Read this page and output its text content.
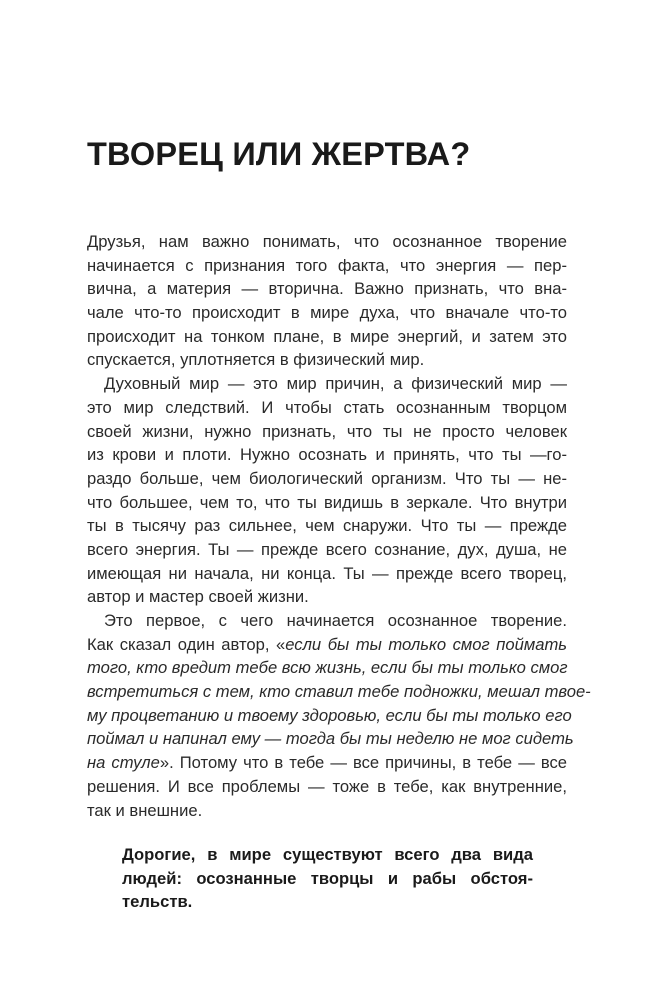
ТВОРЕЦ ИЛИ ЖЕРТВА?
Друзья, нам важно понимать, что осознанное творение
начинается с признания того факта, что энергия — пер-
вична, а материя — вторична. Важно признать, что вна-
чале что-то происходит в мире духа, что вначале что-то
происходит на тонком плане, в мире энергий, и затем это
спускается, уплотняется в физический мир.
Духовный мир — это мир причин, а физический мир —
это мир следствий. И чтобы стать осознанным творцом
своей жизни, нужно признать, что ты не просто человек
из крови и плоти. Нужно осознать и принять, что ты —го-
раздо больше, чем биологический организм. Что ты — не-
что большее, чем то, что ты видишь в зеркале. Что внутри
ты в тысячу раз сильнее, чем снаружи. Что ты — прежде
всего энергия. Ты — прежде всего сознание, дух, душа, не
имеющая ни начала, ни конца. Ты — прежде всего творец,
автор и мастер своей жизни.
Это первое, с чего начинается осознанное творение.
Как сказал один автор, «если бы ты только смог поймать
того, кто вредит тебе всю жизнь, если бы ты только смог
встретиться с тем, кто ставил тебе подножки, мешал твое-
му процветанию и твоему здоровью, если бы ты только его
поймал и напинал ему — тогда бы ты неделю не мог сидеть
на стуле». Потому что в тебе — все причины, в тебе — все
решения. И все проблемы — тоже в тебе, как внутренние,
так и внешние.
Дорогие, в мире существуют всего два вида
людей: осознанные творцы и рабы обстоя-
тельств.
